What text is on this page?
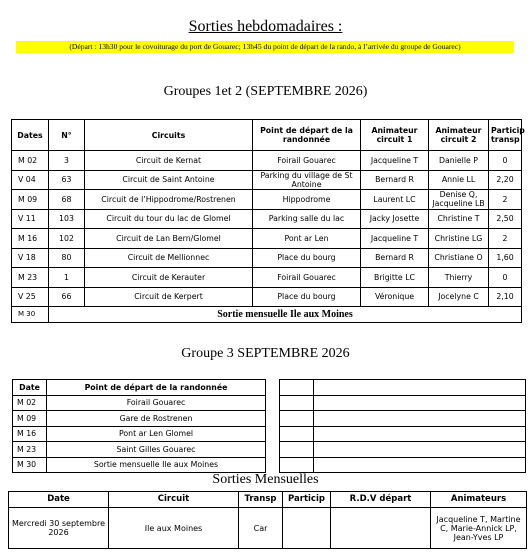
Sorties hebdomadaires :
(Départ : 13h30 pour le covoiturage du port de Gouarec; 13h45 du point de départ de la rando, à l’arrivée du groupe de Gouarec)
Groupes 1et 2 (SEPTEMBRE 2026)
Dates	N°	Circuits	Point de départ de la randonnée	Animateur circuit 1	Animateur circuit 2	Particip transp
M 02	3	Circuit de Kernat	Foirail Gouarec	Jacqueline T	Danielle P	0
V 04	63	Circuit de Saint Antoine	Parking du village de St Antoine	Bernard R	Annie LL	2,20
M 09	68	Circuit de l’Hippodrome/Rostrenen	Hippodrome	Laurent LC	Denise Q, Jacqueline LB	2
V 11	103	Circuit du tour du lac de Glomel	Parking salle du lac	Jacky Josette	Christine T	2,50
M 16	102	Circuit de Lan Bern/Glomel	Pont ar Len	Jacqueline T	Christine LG	2
V 18	80	Circuit de Mellionnec	Place du bourg	Bernard R	Christiane O	1,60
M 23	1	Circuit de Kerauter	Foirail Gouarec	Brigitte LC	Thierry	0
V 25	66	Circuit de Kerpert	Place du bourg	Véronique	Jocelyne C	2,10
M 30	Sortie mensuelle Ile aux Moines					
Groupe 3 SEPTEMBRE 2026
Date	Point de départ de la randonnée
M 02	Foirail Gouarec
M 09	Gare de Rostrenen
M 16	Pont ar Len Glomel
M 23	Saint Gilles Gouarec
M 30	Sortie mensuelle Ile aux Moines

Sorties Mensuelles
Date	Circuit	Transp	Particip	R.D.V départ	Animateurs
Mercredi 30 septembre 2026	Ile aux Moines	Car			Jacqueline T, Martine C, Marie-Annick LP, Jean-Yves LP
